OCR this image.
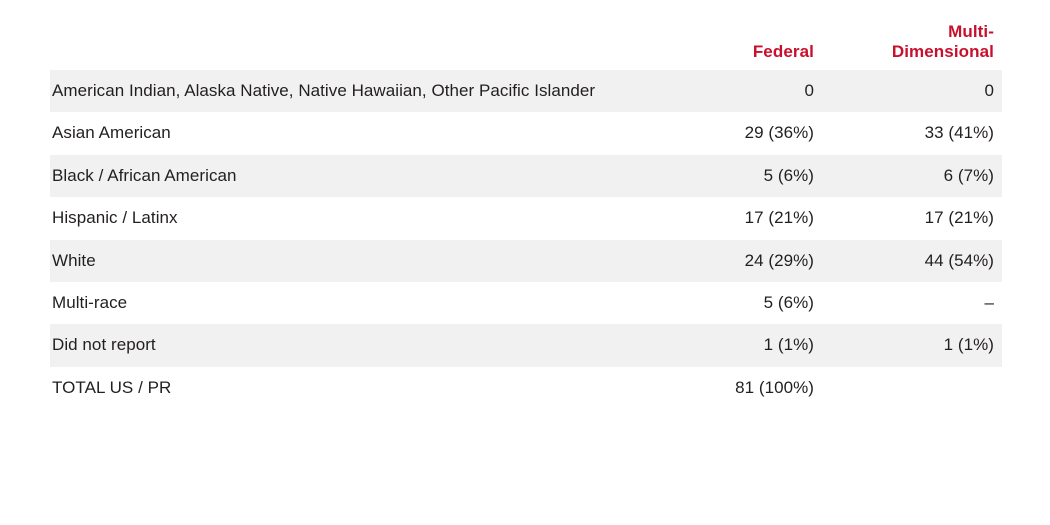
	Federal	Multi-
Dimensional
American Indian, Alaska Native, Native Hawaiian, Other Pacific Islander	0	0
Asian American	29 (36%)	33 (41%)
Black / African American	5 (6%)	6 (7%)
Hispanic / Latinx	17 (21%)	17 (21%)
White	24 (29%)	44 (54%)
Multi-race	5 (6%)	–
Did not report	1 (1%)	1 (1%)
TOTAL US / PR	81 (100%)	
